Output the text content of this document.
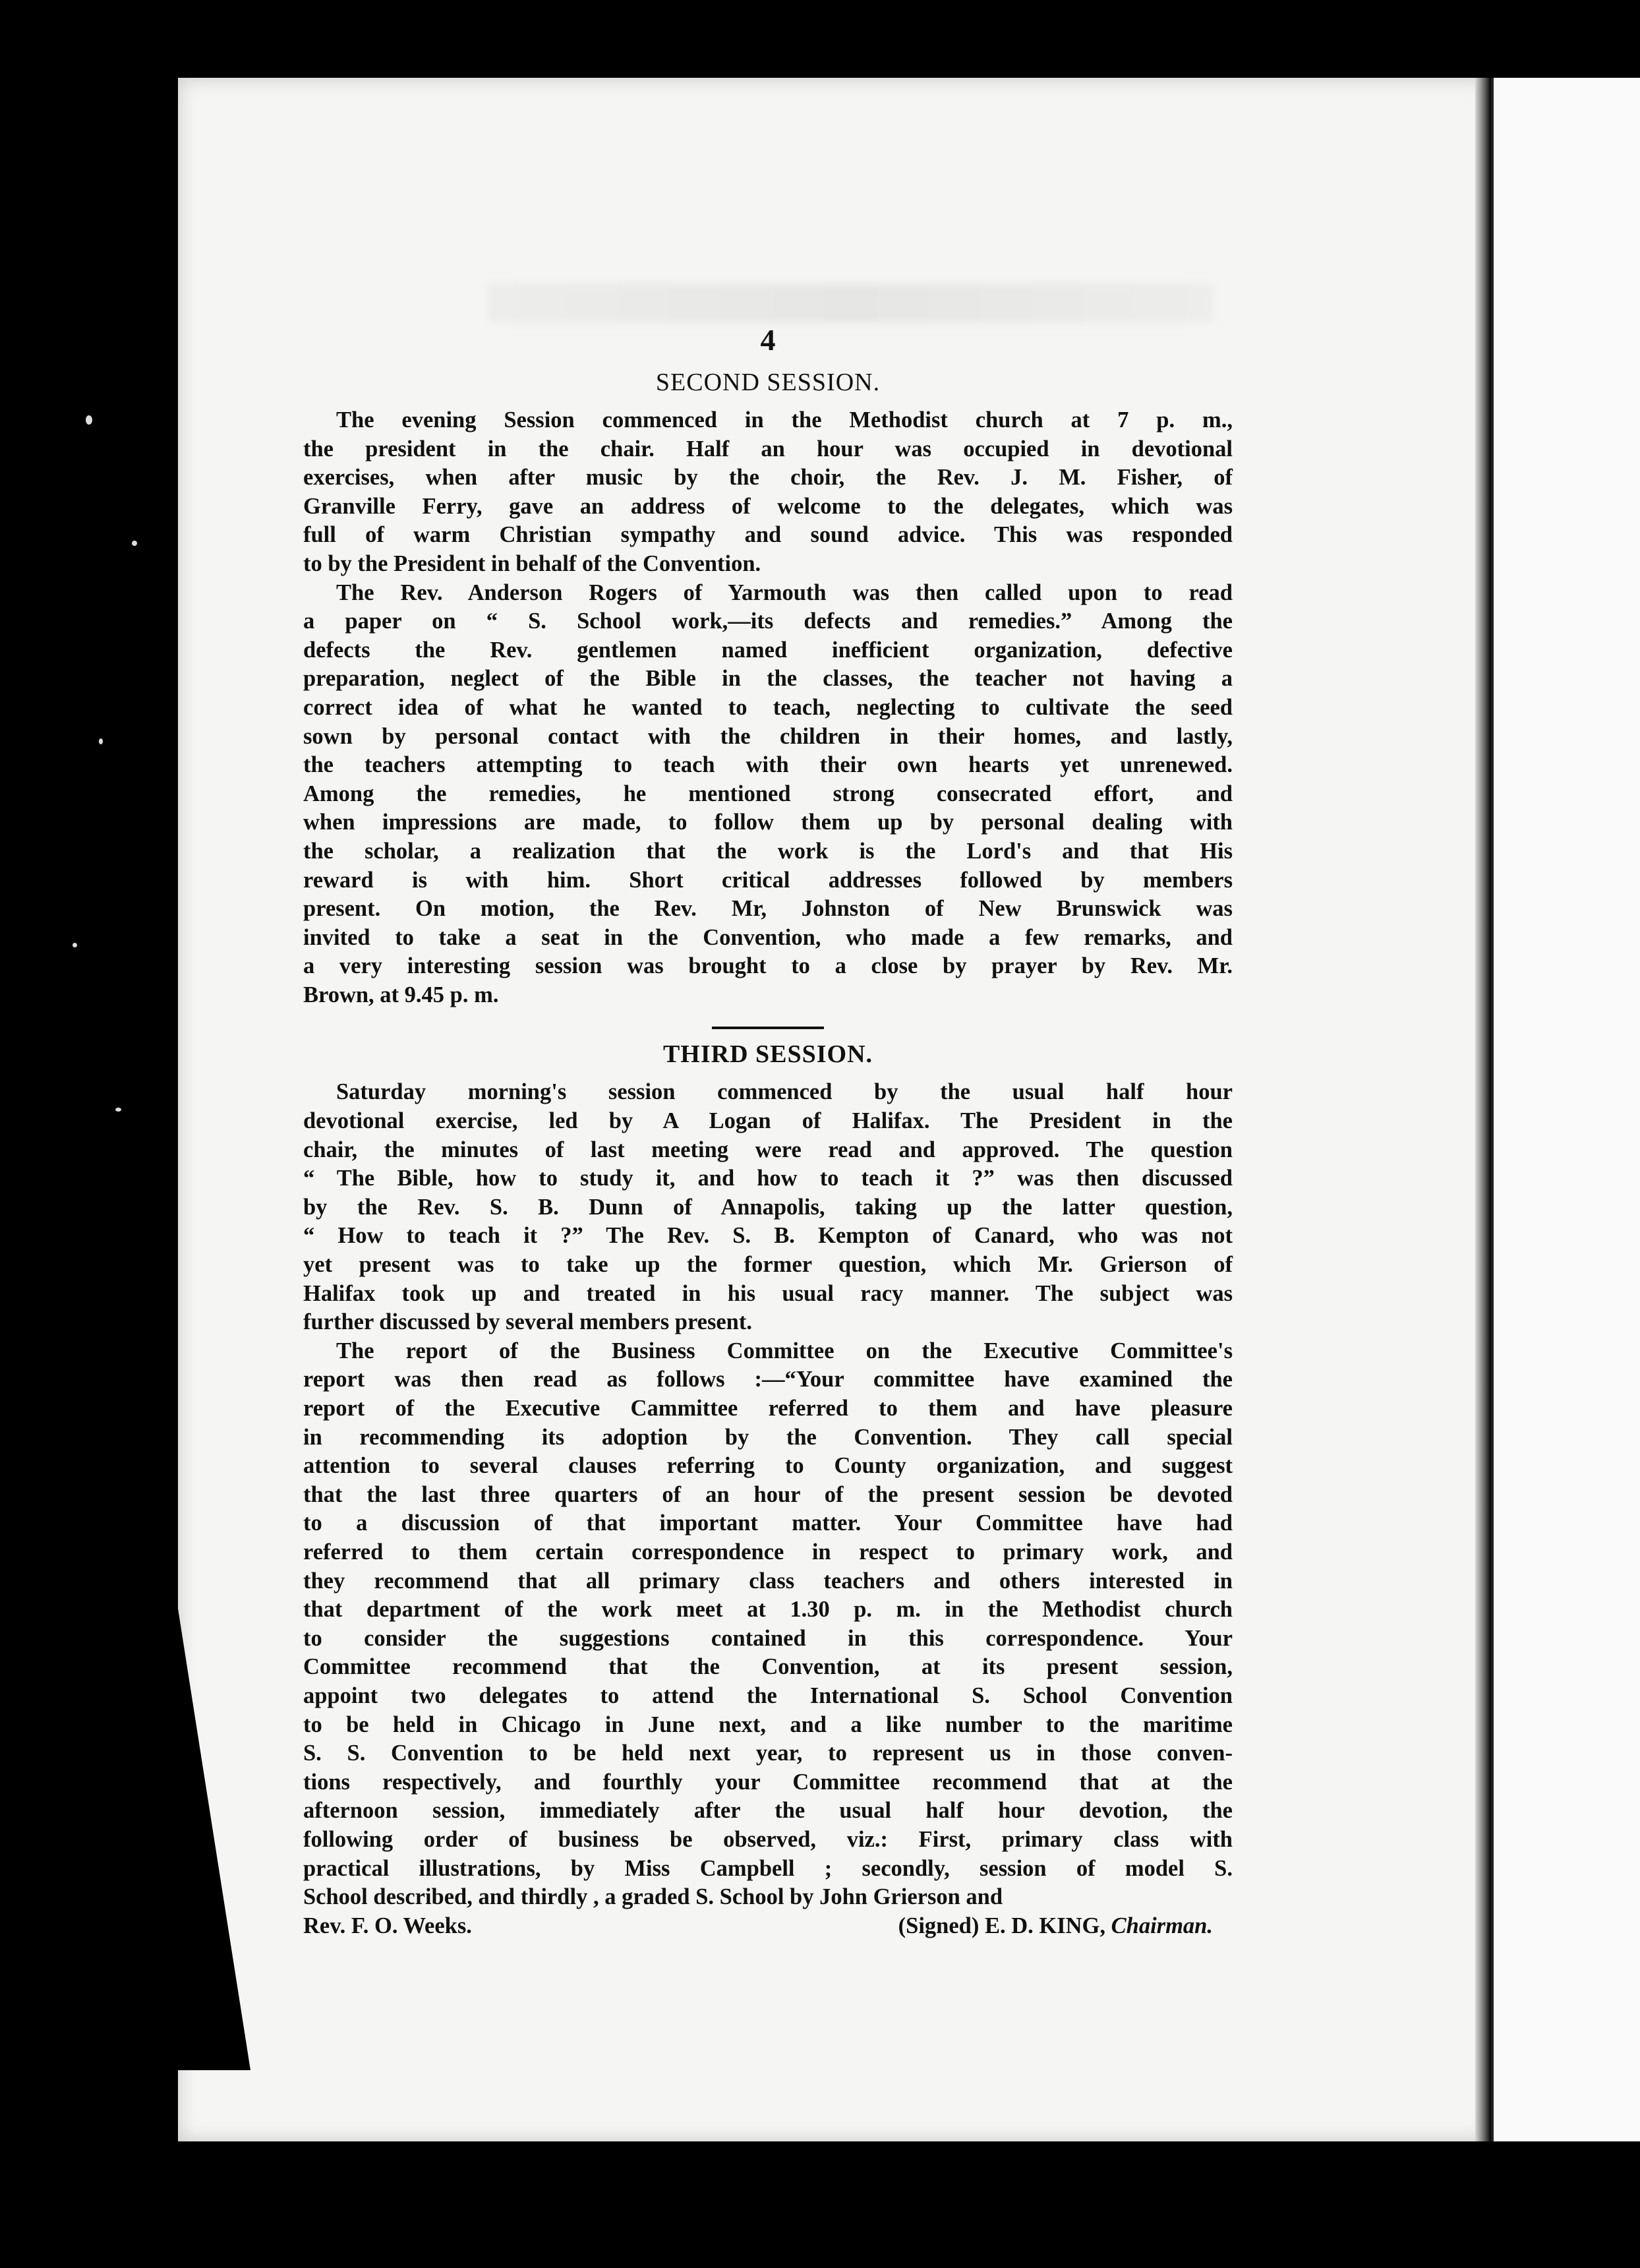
4
SECOND SESSION.
The evening Session commenced in the Methodist church at 7 p. m.,
the president in the chair. Half an hour was occupied in devotional
exercises, when after music by the choir, the Rev. J. M. Fisher, of
Granville Ferry, gave an address of welcome to the delegates, which was
full of warm Christian sympathy and sound advice. This was responded
to by the President in behalf of the Convention.
The Rev. Anderson Rogers of Yarmouth was then called upon to read
a paper on “ S. School work,—its defects and remedies.” Among the
defects the Rev. gentlemen named inefficient organization, defective
preparation, neglect of the Bible in the classes, the teacher not having a
correct idea of what he wanted to teach, neglecting to cultivate the seed
sown by personal contact with the children in their homes, and lastly,
the teachers attempting to teach with their own hearts yet unrenewed.
Among the remedies, he mentioned strong consecrated effort, and
when impressions are made, to follow them up by personal dealing with
the scholar, a realization that the work is the Lord's and that His
reward is with him. Short critical addresses followed by members
present. On motion, the Rev. Mr, Johnston of New Brunswick was
invited to take a seat in the Convention, who made a few remarks, and
a very interesting session was brought to a close by prayer by Rev. Mr.
Brown, at 9.45 p. m.
THIRD SESSION.
Saturday morning's session commenced by the usual half hour
devotional exercise, led by A Logan of Halifax. The President in the
chair, the minutes of last meeting were read and approved. The question
“ The Bible, how to study it, and how to teach it ?” was then discussed
by the Rev. S. B. Dunn of Annapolis, taking up the latter question,
“ How to teach it ?” The Rev. S. B. Kempton of Canard, who was not
yet present was to take up the former question, which Mr. Grierson of
Halifax took up and treated in his usual racy manner. The subject was
further discussed by several members present.
The report of the Business Committee on the Executive Committee's
report was then read as follows :—“Your committee have examined the
report of the Executive Cammittee referred to them and have pleasure
in recommending its adoption by the Convention. They call special
attention to several clauses referring to County organization, and suggest
that the last three quarters of an hour of the present session be devoted
to a discussion of that important matter. Your Committee have had
referred to them certain correspondence in respect to primary work, and
they recommend that all primary class teachers and others interested in
that department of the work meet at 1.30 p. m. in the Methodist church
to consider the suggestions contained in this correspondence. Your
Committee recommend that the Convention, at its present session,
appoint two delegates to attend the International S. School Convention
to be held in Chicago in June next, and a like number to the maritime
S. S. Convention to be held next year, to represent us in those conven-
tions respectively, and fourthly your Committee recommend that at the
afternoon session, immediately after the usual half hour devotion, the
following order of business be observed, viz.: First, primary class with
practical illustrations, by Miss Campbell ; secondly, session of model S.
School described, and thirdly , a graded S. School by John Grierson and
Rev. F. O. Weeks.	(Signed) E. D. KING, Chairman.
